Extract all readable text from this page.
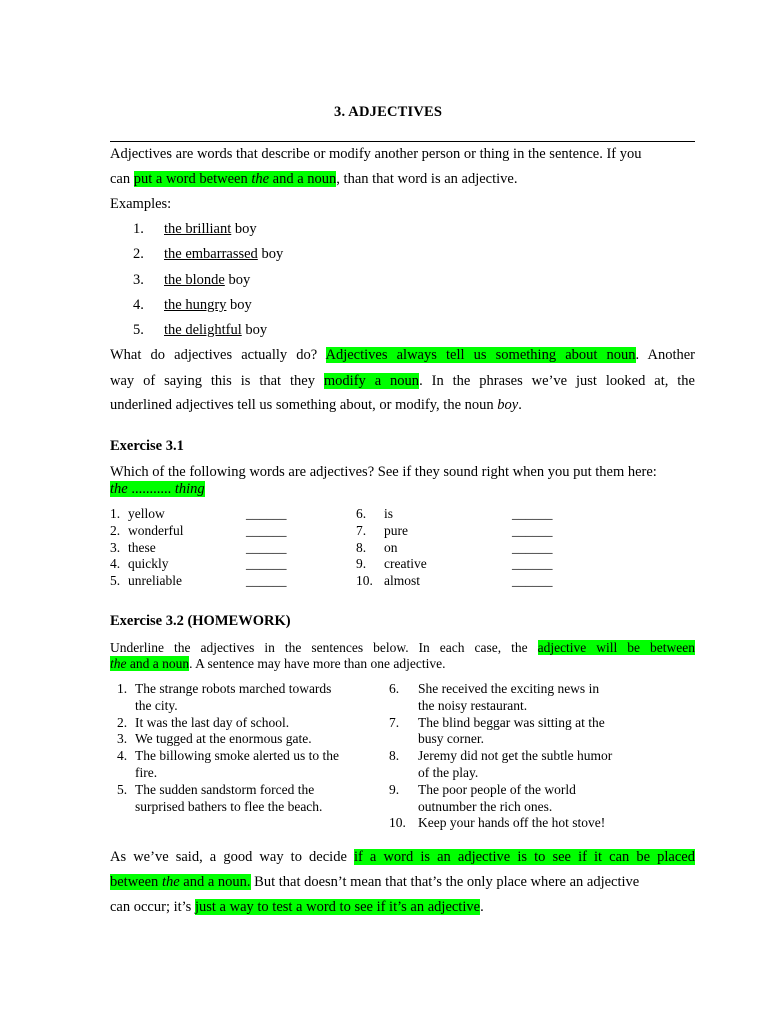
3. ADJECTIVES
Adjectives are words that describe or modify another person or thing in the sentence. If you
can put a word between the and a noun, than that word is an adjective.
Examples:
1. the brilliant boy
2. the embarrassed boy
3. the blonde boy
4. the hungry boy
5. the delightful boy
What do adjectives actually do? Adjectives always tell us something about noun. Another
way of saying this is that they modify a noun. In the phrases we’ve just looked at, the
underlined adjectives tell us something about, or modify, the noun boy.
Exercise 3.1
Which of the following words are adjectives? See if they sound right when you put them here:
the ........... thing
1. yellow	______
2. wonderful	______
3. these	______
4. quickly	______
5. unreliable	______
6. is	______
7. pure	______
8. on	______
9. creative	______
10. almost	______
Exercise 3.2 (HOMEWORK)
Underline the adjectives in the sentences below. In each case, the adjective will be between
the and a noun. A sentence may have more than one adjective.
1. The strange robots marched towards
the city.
2. It was the last day of school.
3. We tugged at the enormous gate.
4. The billowing smoke alerted us to the
fire.
5. The sudden sandstorm forced the
surprised bathers to flee the beach.
6. She received the exciting news in
the noisy restaurant.
7. The blind beggar was sitting at the
busy corner.
8. Jeremy did not get the subtle humor
of the play.
9. The poor people of the world
outnumber the rich ones.
10. Keep your hands off the hot stove!
As we’ve said, a good way to decide if a word is an adjective is to see if it can be placed
between the and a noun. But that doesn’t mean that that’s the only place where an adjective
can occur; it’s just a way to test a word to see if it’s an adjective.
